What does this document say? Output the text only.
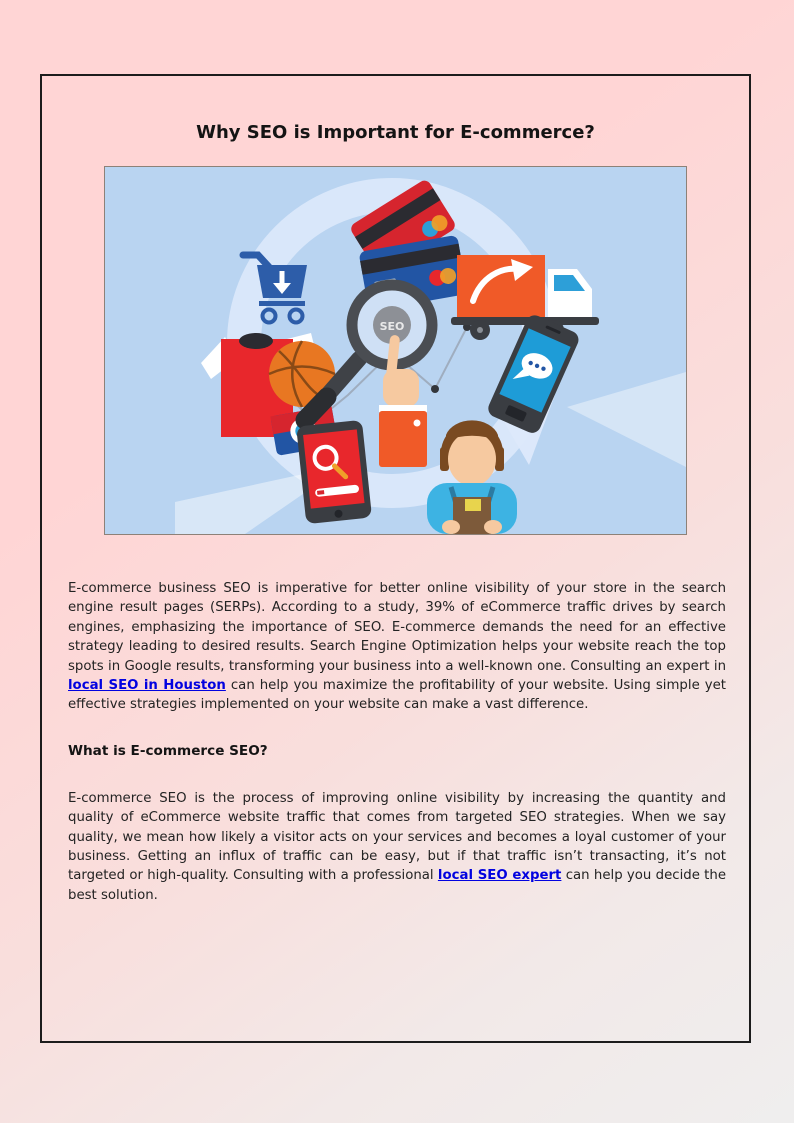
Why SEO is Important for E-commerce?
SEO

E-commerce business SEO is imperative for better online visibility of your store in the search engine result pages (SERPs). According to a study, 39% of eCommerce traffic drives by search engines, emphasizing the importance of SEO. E-commerce demands the need for an effective strategy leading to desired results. Search Engine Optimization helps your website reach the top spots in Google results, transforming your business into a well-known one. Consulting an expert in local SEO in Houston can help you maximize the profitability of your website. Using simple yet effective strategies implemented on your website can make a vast difference.

What is E-commerce SEO?

E-commerce SEO is the process of improving online visibility by increasing the quantity and quality of eCommerce website traffic that comes from targeted SEO strategies. When we say quality, we mean how likely a visitor acts on your services and becomes a loyal customer of your business. Getting an influx of traffic can be easy, but if that traffic isn’t transacting, it’s not targeted or high-quality. Consulting with a professional local SEO expert can help you decide the best solution.
